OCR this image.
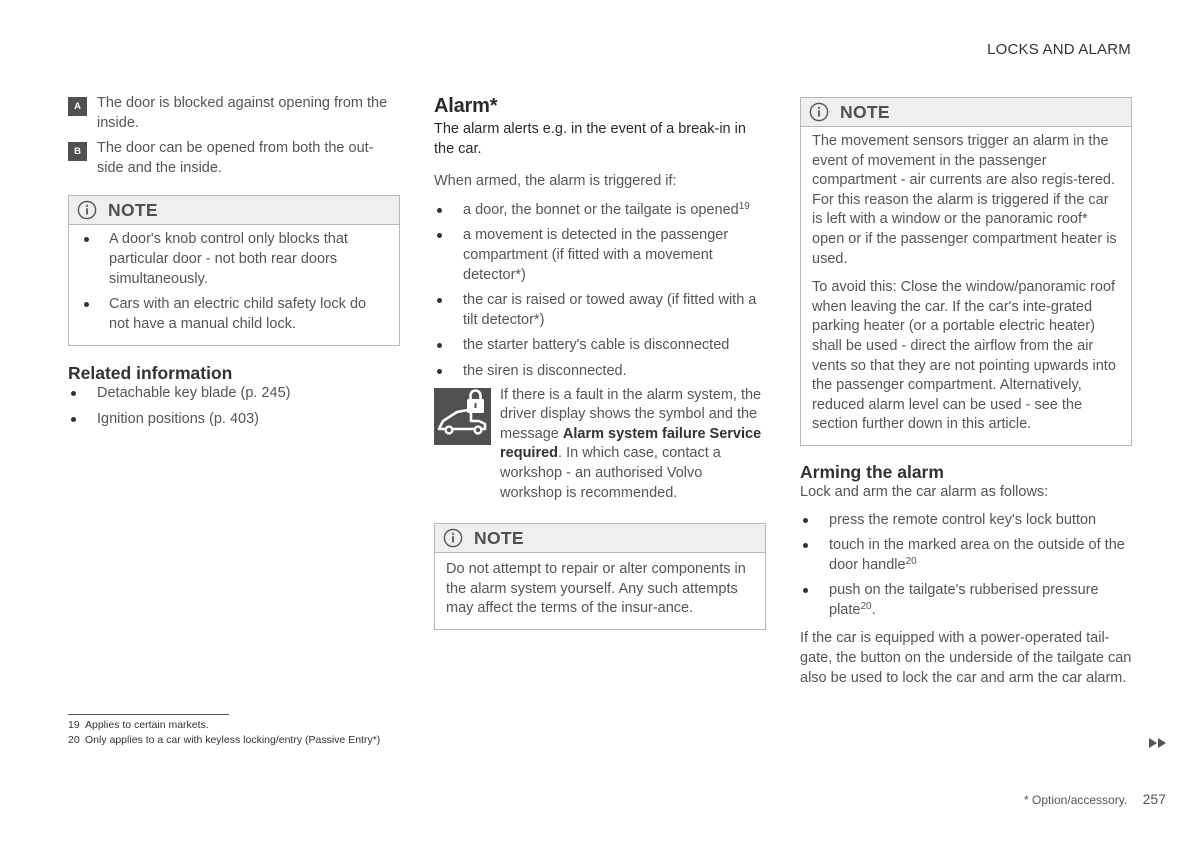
LOCKS AND ALARM
A	The door is blocked against opening from the inside.

B	The door can be opened from both the out-side and the inside.

NOTE
A door's knob control only blocks that particular door - not both rear doors simultaneously.
Cars with an electric child safety lock do not have a manual child lock.
Related information
Detachable key blade (p. 245)
Ignition positions (p. 403)
Alarm*

The alarm alerts e.g. in the event of a break-in in the car.

When armed, the alarm is triggered if:

a door, the bonnet or the tailgate is opened$^{19}$
a movement is detected in the passenger compartment (if fitted with a movement detector*)
the car is raised or towed away (if fitted with a tilt detector*)
the starter battery's cable is disconnected
the siren is disconnected.

If there is a fault in the alarm system, the driver display shows the symbol and the message Alarm system failure Service required. In which case, contact a workshop - an authorised Volvo workshop is recommended.

NOTE

Do not attempt to repair or alter components in the alarm system yourself. Any such attempts may affect the terms of the insur-ance.

NOTE

The movement sensors trigger an alarm in the event of movement in the passenger compartment - air currents are also regis-tered. For this reason the alarm is triggered if the car is left with a window or the panoramic roof* open or if the passenger compartment heater is used.

To avoid this: Close the window/panoramic roof when leaving the car. If the car's inte-grated parking heater (or a portable electric heater) shall be used - direct the airflow from the air vents so that they are not pointing upwards into the passenger compartment. Alternatively, reduced alarm level can be used - see the section further down in this article.

Arming the alarm

Lock and arm the car alarm as follows:

press the remote control key's lock button
touch in the marked area on the outside of the door handle$^{20}$
push on the tailgate's rubberised pressure plate$^{20}$.

If the car is equipped with a power-operated tail-gate, the button on the underside of the tailgate can also be used to lock the car and arm the car alarm.

19 Applies to certain markets.
20 Only applies to a car with keyless locking/entry (Passive Entry*)
* Option/accessory. 257
